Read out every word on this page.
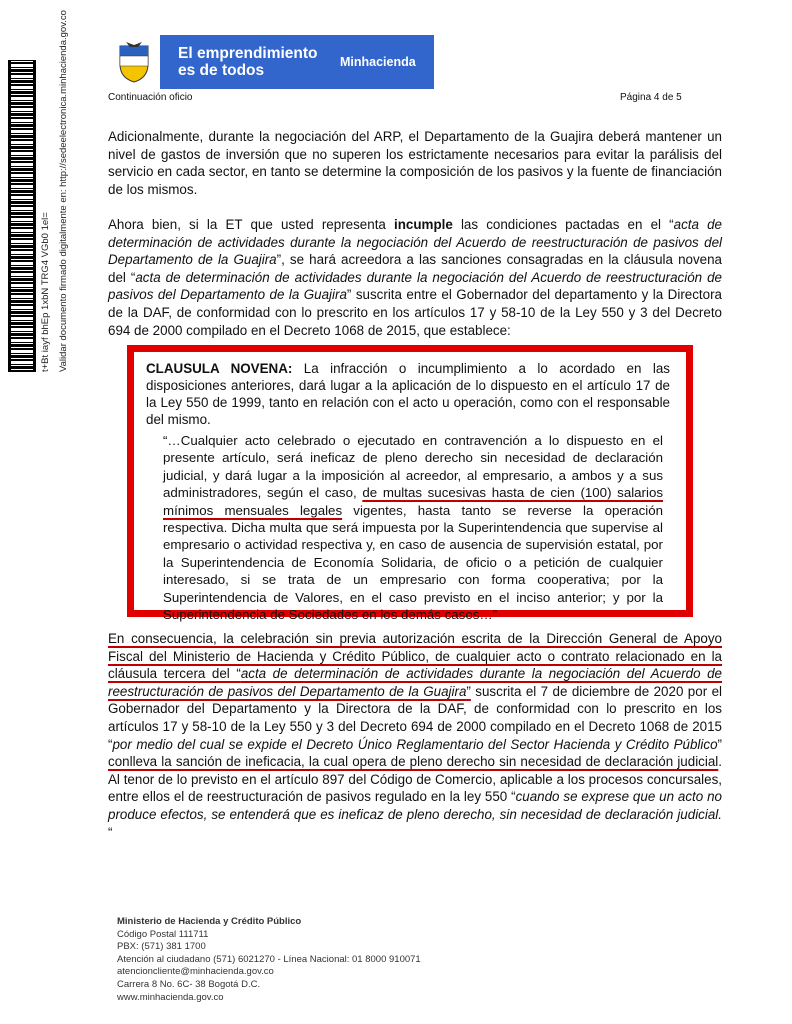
t+Bt iayf bhEp 1xbN TRG4 VGb0 1el= Validar documento firmado digitalmente en: http://sedeelectronica.minhacienda.gov.co	El emprendimiento es de todos	Minhacienda
Continuación oficio	Página 4 de 5

Adicionalmente, durante la negociación del ARP, el Departamento de la Guajira deberá mantener un nivel de gastos de inversión que no superen los estrictamente necesarios para evitar la parálisis del servicio en cada sector, en tanto se determine la composición de los pasivos y la fuente de financiación de los mismos.

Ahora bien, si la ET que usted representa incumple las condiciones pactadas en el “acta de determinación de actividades durante la negociación del Acuerdo de reestructuración de pasivos del Departamento de la Guajira”, se hará acreedora a las sanciones consagradas en la cláusula novena del “acta de determinación de actividades durante la negociación del Acuerdo de reestructuración de pasivos del Departamento de la Guajira” suscrita entre el Gobernador del departamento y la Directora de la DAF, de conformidad con lo prescrito en los artículos 17 y 58-10 de la Ley 550 y 3 del Decreto 694 de 2000 compilado en el Decreto 1068 de 2015, que establece:

CLAUSULA NOVENA: La infracción o incumplimiento a lo acordado en las disposiciones anteriores, dará lugar a la aplicación de lo dispuesto en el artículo 17 de la Ley 550 de 1999, tanto en relación con el acto u operación, como con el responsable del mismo.

“…Cualquier acto celebrado o ejecutado en contravención a lo dispuesto en el presente artículo, será ineficaz de pleno derecho sin necesidad de declaración judicial, y dará lugar a la imposición al acreedor, al empresario, a ambos y a sus administradores, según el caso, de multas sucesivas hasta de cien (100) salarios mínimos mensuales legales vigentes, hasta tanto se reverse la operación respectiva. Dicha multa que será impuesta por la Superintendencia que supervise al empresario o actividad respectiva y, en caso de ausencia de supervisión estatal, por la Superintendencia de Economía Solidaria, de oficio o a petición de cualquier interesado, si se trata de un empresario con forma cooperativa; por la Superintendencia de Valores, en el caso previsto en el inciso anterior; y por la Superintendencia de Sociedades en los demás casos…”

En consecuencia, la celebración sin previa autorización escrita de la Dirección General de Apoyo Fiscal del Ministerio de Hacienda y Crédito Público, de cualquier acto o contrato relacionado en la cláusula tercera del “acta de determinación de actividades durante la negociación del Acuerdo de reestructuración de pasivos del Departamento de la Guajira” suscrita el 7 de diciembre de 2020 por el Gobernador del Departamento y la Directora de la DAF, de conformidad con lo prescrito en los artículos 17 y 58-10 de la Ley 550 y 3 del Decreto 694 de 2000 compilado en el Decreto 1068 de 2015 “por medio del cual se expide el Decreto Único Reglamentario del Sector Hacienda y Crédito Público” conlleva la sanción de ineficacia, la cual opera de pleno derecho sin necesidad de declaración judicial. Al tenor de lo previsto en el artículo 897 del Código de Comercio, aplicable a los procesos concursales, entre ellos el de reestructuración de pasivos regulado en la ley 550 “cuando se exprese que un acto no produce efectos, se entenderá que es ineficaz de pleno derecho, sin necesidad de declaración judicial. “

Ministerio de Hacienda y Crédito Público
Código Postal 111711
PBX: (571) 381 1700
Atención al ciudadano (571) 6021270 - Línea Nacional: 01 8000 910071
atencioncliente@minhacienda.gov.co
Carrera 8 No. 6C- 38 Bogotá D.C.
www.minhacienda.gov.co
